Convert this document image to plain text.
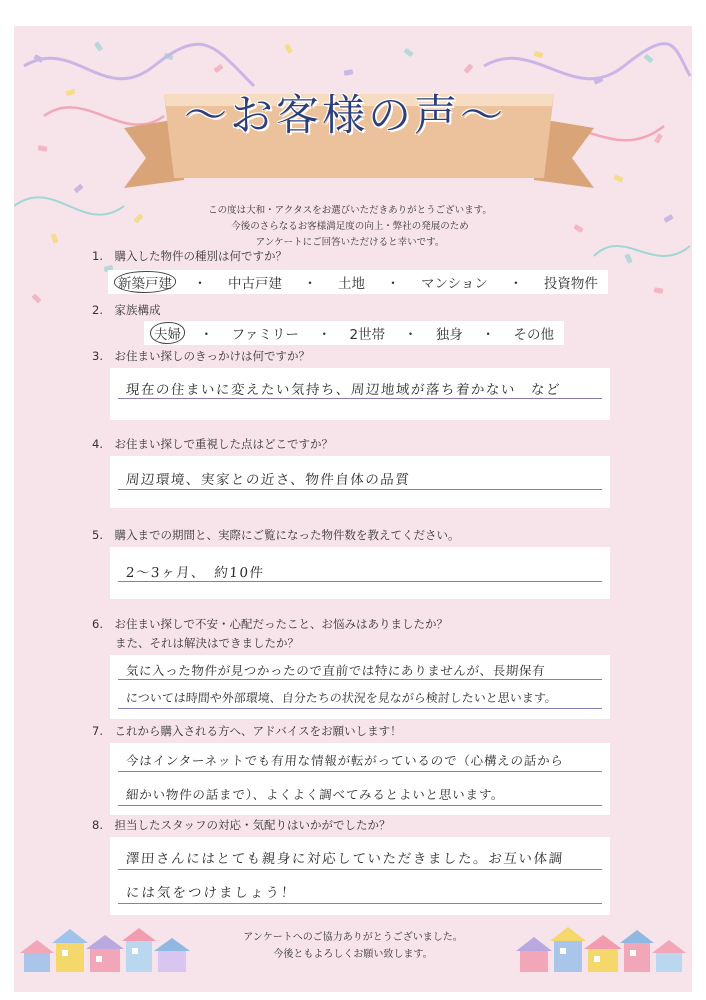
～お客様の声～
この度は大和・アクタスをお選びいただきありがとうございます。
今後のさらなるお客様満足度の向上・弊社の発展のため
アンケートにご回答いただけると幸いです。
1.　購入した物件の種別は何ですか？
新築戸建 ・ 中古戸建 ・ 土地 ・ マンション ・ 投資物件
2.　家族構成
夫婦 ・ ファミリー ・ 2世帯 ・ 独身 ・ その他
3.　お住まい探しのきっかけは何ですか？
現在の住まいに変えたい気持ち、周辺地域が落ち着かない　など
4.　お住まい探しで重視した点はどこですか？
周辺環境、実家との近さ、物件自体の品質
5.　購入までの期間と、実際にご覧になった物件数を教えてください。
2～3ヶ月、　約10件
6.　お住まい探しで不安・心配だったこと、お悩みはありましたか？
　　また、それは解決はできましたか？
気に入った物件が見つかったので直前では特にありませんが、長期保有
については時間や外部環境、自分たちの状況を見ながら検討したいと思います。
7.　これから購入される方へ、アドバイスをお願いします！
今はインターネットでも有用な情報が転がっているので（心構えの話から
細かい物件の話まで）、よくよく調べてみるとよいと思います。
8.　担当したスタッフの対応・気配りはいかがでしたか？
澤田さんにはとても親身に対応していただきました。お互い体調
には気をつけましょう！
アンケートへのご協力ありがとうございました。
今後ともよろしくお願い致します。
